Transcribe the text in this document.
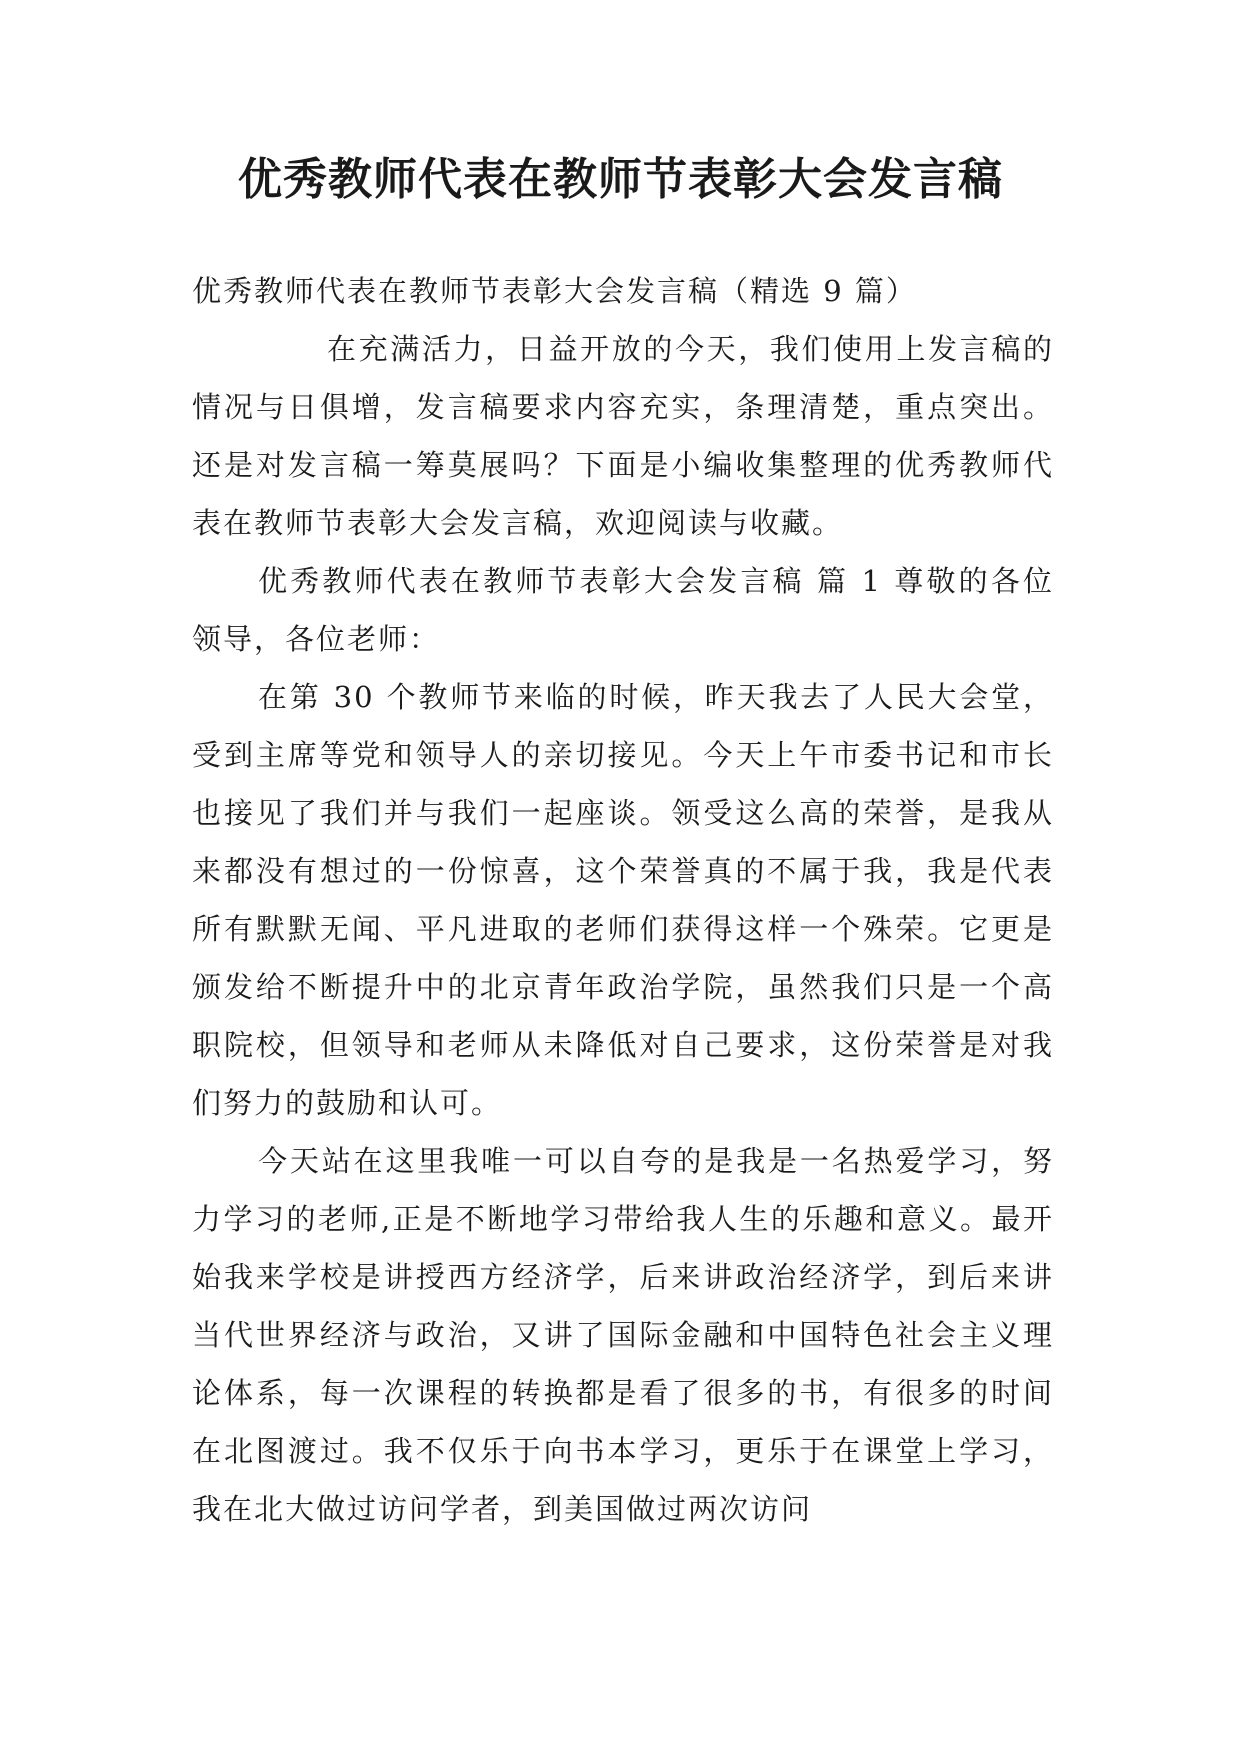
优秀教师代表在教师节表彰大会发言稿

优秀教师代表在教师节表彰大会发言稿（精选 9 篇）

在充满活力，日益开放的今天，我们使用上发言稿的情况与日俱增，发言稿要求内容充实，条理清楚，重点突出。还是对发言稿一筹莫展吗？下面是小编收集整理的优秀教师代表在教师节表彰大会发言稿，欢迎阅读与收藏。

优秀教师代表在教师节表彰大会发言稿 篇 1 尊敬的各位领导，各位老师：

在第 30 个教师节来临的时候，昨天我去了人民大会堂，受到主席等党和领导人的亲切接见。今天上午市委书记和市长也接见了我们并与我们一起座谈。领受这么高的荣誉，是我从来都没有想过的一份惊喜，这个荣誉真的不属于我，我是代表所有默默无闻、平凡进取的老师们获得这样一个殊荣。它更是颁发给不断提升中的北京青年政治学院，虽然我们只是一个高职院校，但领导和老师从未降低对自己要求，这份荣誉是对我们努力的鼓励和认可。

今天站在这里我唯一可以自夸的是我是一名热爱学习，努力学习的老师,正是不断地学习带给我人生的乐趣和意义。最开始我来学校是讲授西方经济学，后来讲政治经济学，到后来讲当代世界经济与政治，又讲了国际金融和中国特色社会主义理论体系，每一次课程的转换都是看了很多的书，有很多的时间在北图渡过。我不仅乐于向书本学习，更乐于在课堂上学习，我在北大做过访问学者，到美国做过两次访问
